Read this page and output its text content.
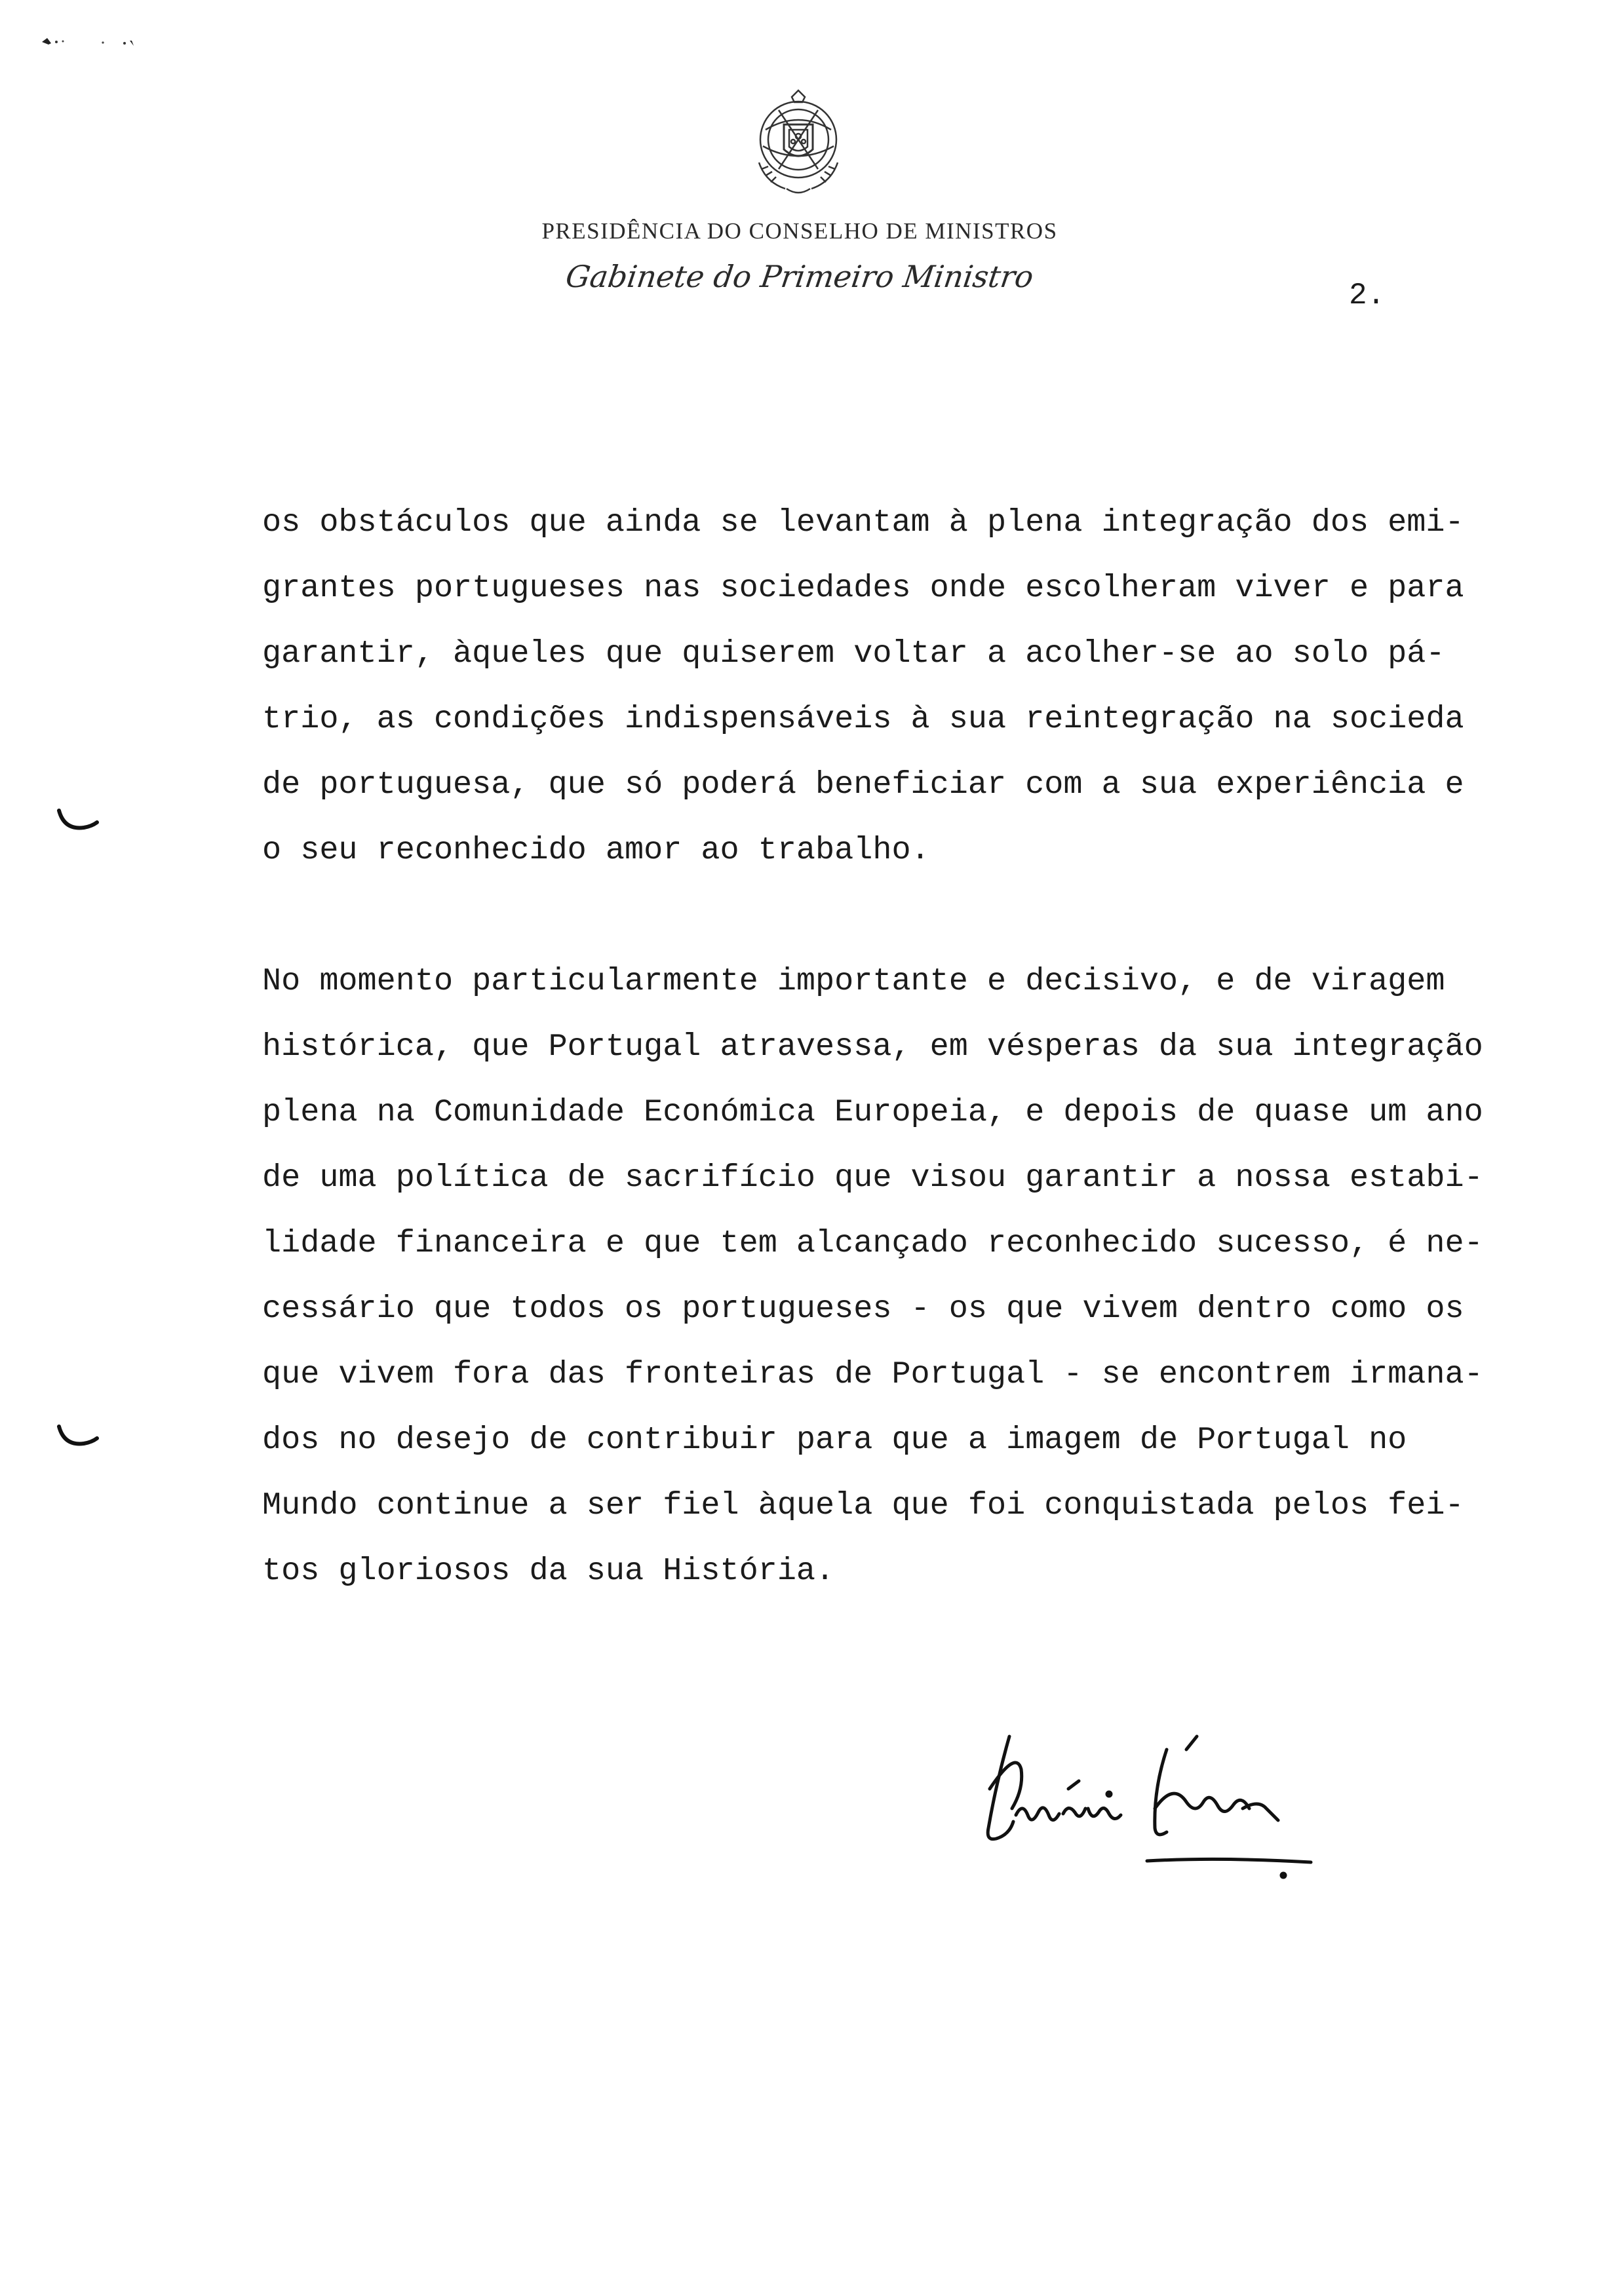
PRESIDÊNCIA DO CONSELHO DE MINISTROS

Gabinete do Primeiro Ministro

2.
os obstáculos que ainda se levantam à plena integração dos emi-
grantes portugueses nas sociedades onde escolheram viver e para
garantir, àqueles que quiserem voltar a acolher-se ao solo pá-
trio, as condições indispensáveis à sua reintegração na socieda
de portuguesa, que só poderá beneficiar com a sua experiência e
o seu reconhecido amor ao trabalho.
No momento particularmente importante e decisivo, e de viragem
histórica, que Portugal atravessa, em vésperas da sua integração
plena na Comunidade Económica Europeia, e depois de quase um ano
de uma política de sacrifício que visou garantir a nossa estabi-
lidade financeira e que tem alcançado reconhecido sucesso, é ne-
cessário que todos os portugueses - os que vivem dentro como os
que vivem fora das fronteiras de Portugal - se encontrem irmana-
dos no desejo de contribuir para que a imagem de Portugal no
Mundo continue a ser fiel àquela que foi conquistada pelos fei-
tos gloriosos da sua História.
